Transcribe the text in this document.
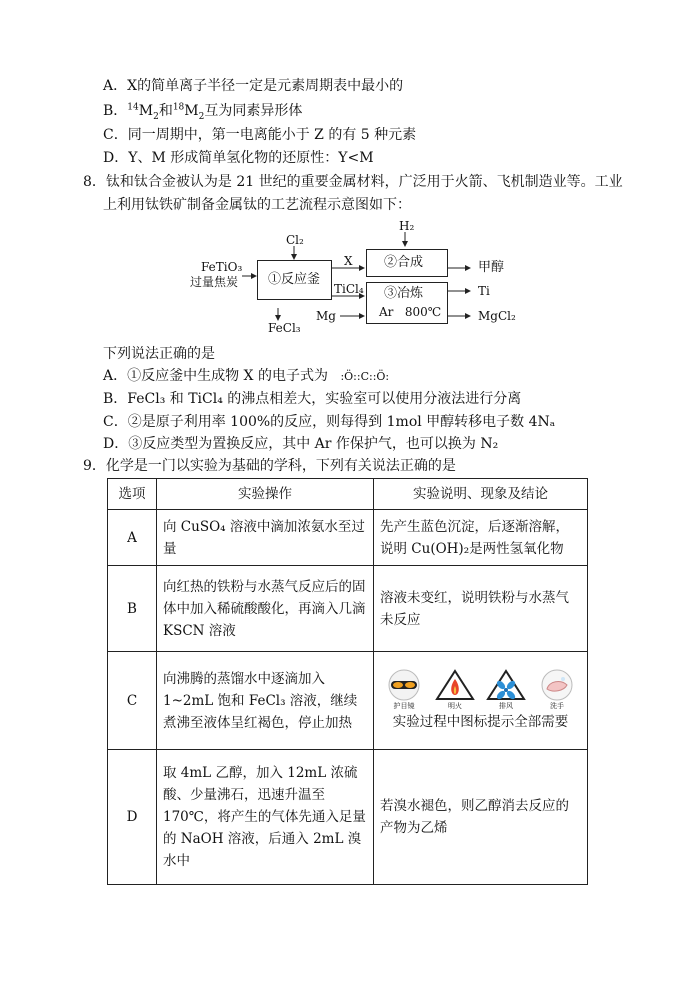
A．X的简单离子半径一定是元素周期表中最小的
B．$^{14}M_2$和$^{18}M_2$互为同素异形体
C．同一周期中，第一电离能小于 Z 的有 5 种元素
D．Y、M 形成简单氢化物的还原性：Y<M
8．钛和钛合金被认为是 21 世纪的重要金属材料，广泛用于火箭、飞机制造业等。工业
上利用钛铁矿制备金属钛的工艺流程示意图如下：
FeTiO₃
过量焦炭
Cl₂
①反应釜
FeCl₃
X
TiCl₄
H₂
②合成	甲醇
③冶炼
Ar   800℃
Ti
Mg	MgCl₂
下列说法正确的是
A．①反应釜中生成物 X 的电子式为 :Ö::C::Ö:
B．FeCl₃ 和 TiCl₄ 的沸点相差大，实验室可以使用分液法进行分离
C．②是原子利用率 100%的反应，则每得到 1mol 甲醇转移电子数 4Nₐ
D．③反应类型为置换反应，其中 Ar 作保护气，也可以换为 N₂
9．化学是一门以实验为基础的学科，下列有关说法正确的是
选项	实验操作	实验说明、现象及结论
A	向 CuSO₄ 溶液中滴加浓氨水至过量	先产生蓝色沉淀，后逐渐溶解，说明 Cu(OH)₂是两性氢氧化物
B	向红热的铁粉与水蒸气反应后的固体中加入稀硫酸酸化，再滴入几滴 KSCN 溶液	溶液未变红，说明铁粉与水蒸气未反应
C	向沸腾的蒸馏水中逐滴加入 1~2mL 饱和 FeCl₃ 溶液，继续煮沸至液体呈红褐色，停止加热	护目镜 明火 排风 洗手
实验过程中图标提示全部需要

D	取 4mL 乙醇，加入 12mL 浓硫酸、少量沸石，迅速升温至 170℃，将产生的气体先通入足量的 NaOH 溶液，后通入 2mL 溴水中	若溴水褪色，则乙醇消去反应的产物为乙烯
